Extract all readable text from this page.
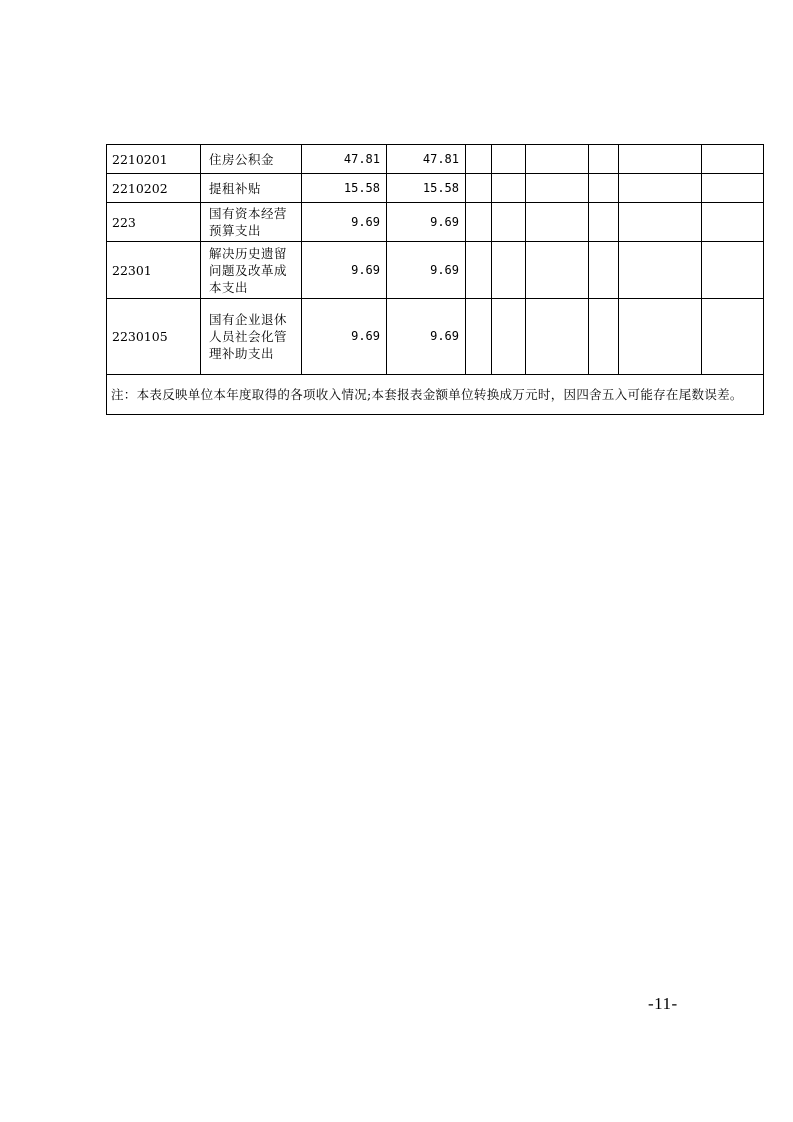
2210201	住房公积金	47.81	47.81						
2210202	提租补贴	15.58	15.58						
223	国有资本经营预算支出	9.69	9.69						
22301	解决历史遗留问题及改革成本支出	9.69	9.69						
2230105	国有企业退休人员社会化管理补助支出	9.69	9.69						
注：本表反映单位本年度取得的各项收入情况;本套报表金额单位转换成万元时，因四舍五入可能存在尾数误差。									
-11-
